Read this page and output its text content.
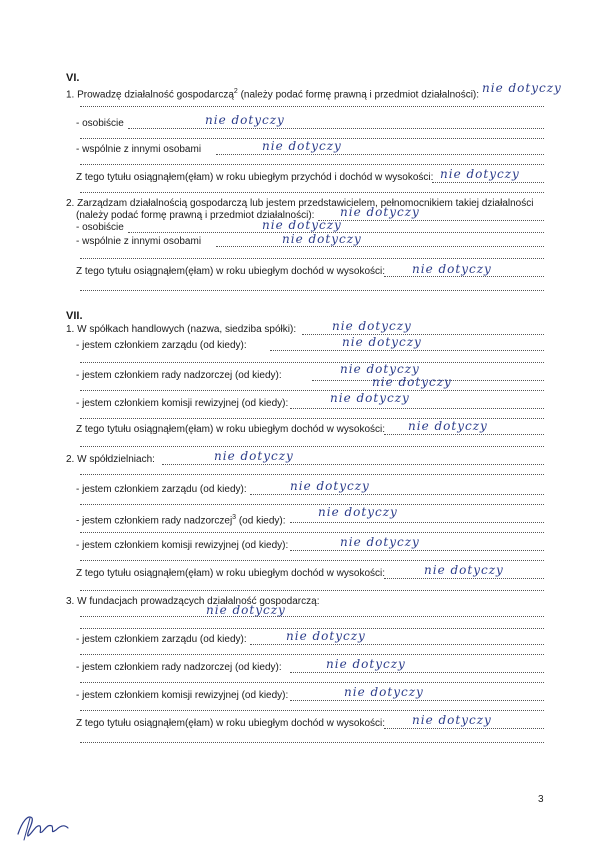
VI.
1. Prowadzę działalność gospodarczą$^2$ (należy podać formę prawną i przedmiot działalności): nie dotyczy
- osobiście	nie dotyczy
- wspólnie z innymi osobami	nie dotyczy
Z tego tytułu osiągnąłem(ęłam) w roku ubiegłym przychód i dochód w wysokości: nie dotyczy
2. Zarządzam działalnością gospodarczą lub jestem przedstawicielem, pełnomocnikiem takiej działalności
(należy podać formę prawną i przedmiot działalności): nie dotyczy
- osobiście	nie dotyczy
- wspólnie z innymi osobami	nie dotyczy
Z tego tytułu osiągnąłem(ęłam) w roku ubiegłym dochód w wysokości: nie dotyczy
VII.
1. W spółkach handlowych (nazwa, siedziba spółki):	nie dotyczy
- jestem członkiem zarządu (od kiedy):	nie dotyczy
- jestem członkiem rady nadzorczej (od kiedy):	nie dotyczy
nie dotyczy
- jestem członkiem komisji rewizyjnej (od kiedy):	nie dotyczy
Z tego tytułu osiągnąłem(ęłam) w roku ubiegłym dochód w wysokości: nie dotyczy
2. W spółdzielniach:	nie dotyczy
- jestem członkiem zarządu (od kiedy):	nie dotyczy
- jestem członkiem rady nadzorczej$^3$ (od kiedy):
nie dotyczy
- jestem członkiem komisji rewizyjnej (od kiedy):	nie dotyczy
Z tego tytułu osiągnąłem(ęłam) w roku ubiegłym dochód w wysokości:	nie dotyczy
3. W fundacjach prowadzących działalność gospodarczą:
nie dotyczy
- jestem członkiem zarządu (od kiedy):	nie dotyczy
- jestem członkiem rady nadzorczej (od kiedy):	nie dotyczy
- jestem członkiem komisji rewizyjnej (od kiedy):	nie dotyczy
Z tego tytułu osiągnąłem(ęłam) w roku ubiegłym dochód w wysokości: nie dotyczy
3
